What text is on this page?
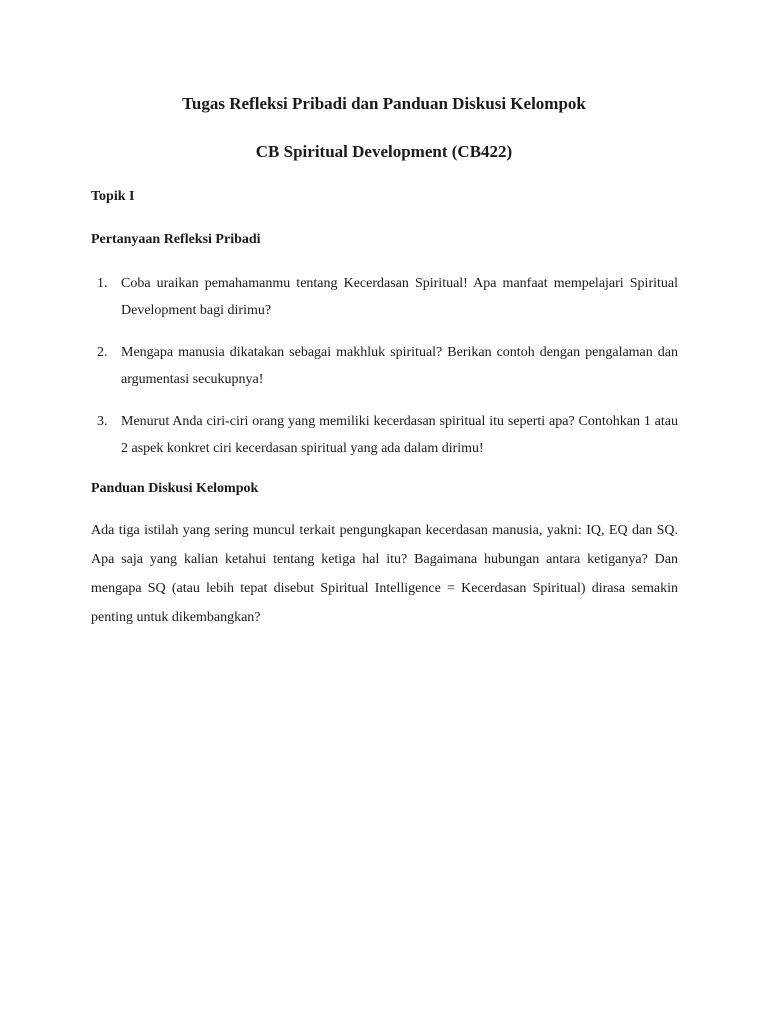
Tugas Refleksi Pribadi dan Panduan Diskusi Kelompok
CB Spiritual Development (CB422)

Topik I

Pertanyaan Refleksi Pribadi

1. Coba uraikan pemahamanmu tentang Kecerdasan Spiritual! Apa manfaat mempelajari Spiritual Development bagi dirimu?
2. Mengapa manusia dikatakan sebagai makhluk spiritual? Berikan contoh dengan pengalaman dan argumentasi secukupnya!
3. Menurut Anda ciri-ciri orang yang memiliki kecerdasan spiritual itu seperti apa? Contohkan 1 atau 2 aspek konkret ciri kecerdasan spiritual yang ada dalam dirimu!

Panduan Diskusi Kelompok

Ada tiga istilah yang sering muncul terkait pengungkapan kecerdasan manusia, yakni: IQ, EQ dan SQ. Apa saja yang kalian ketahui tentang ketiga hal itu? Bagaimana hubungan antara ketiganya? Dan mengapa SQ (atau lebih tepat disebut Spiritual Intelligence = Kecerdasan Spiritual) dirasa semakin penting untuk dikembangkan?
